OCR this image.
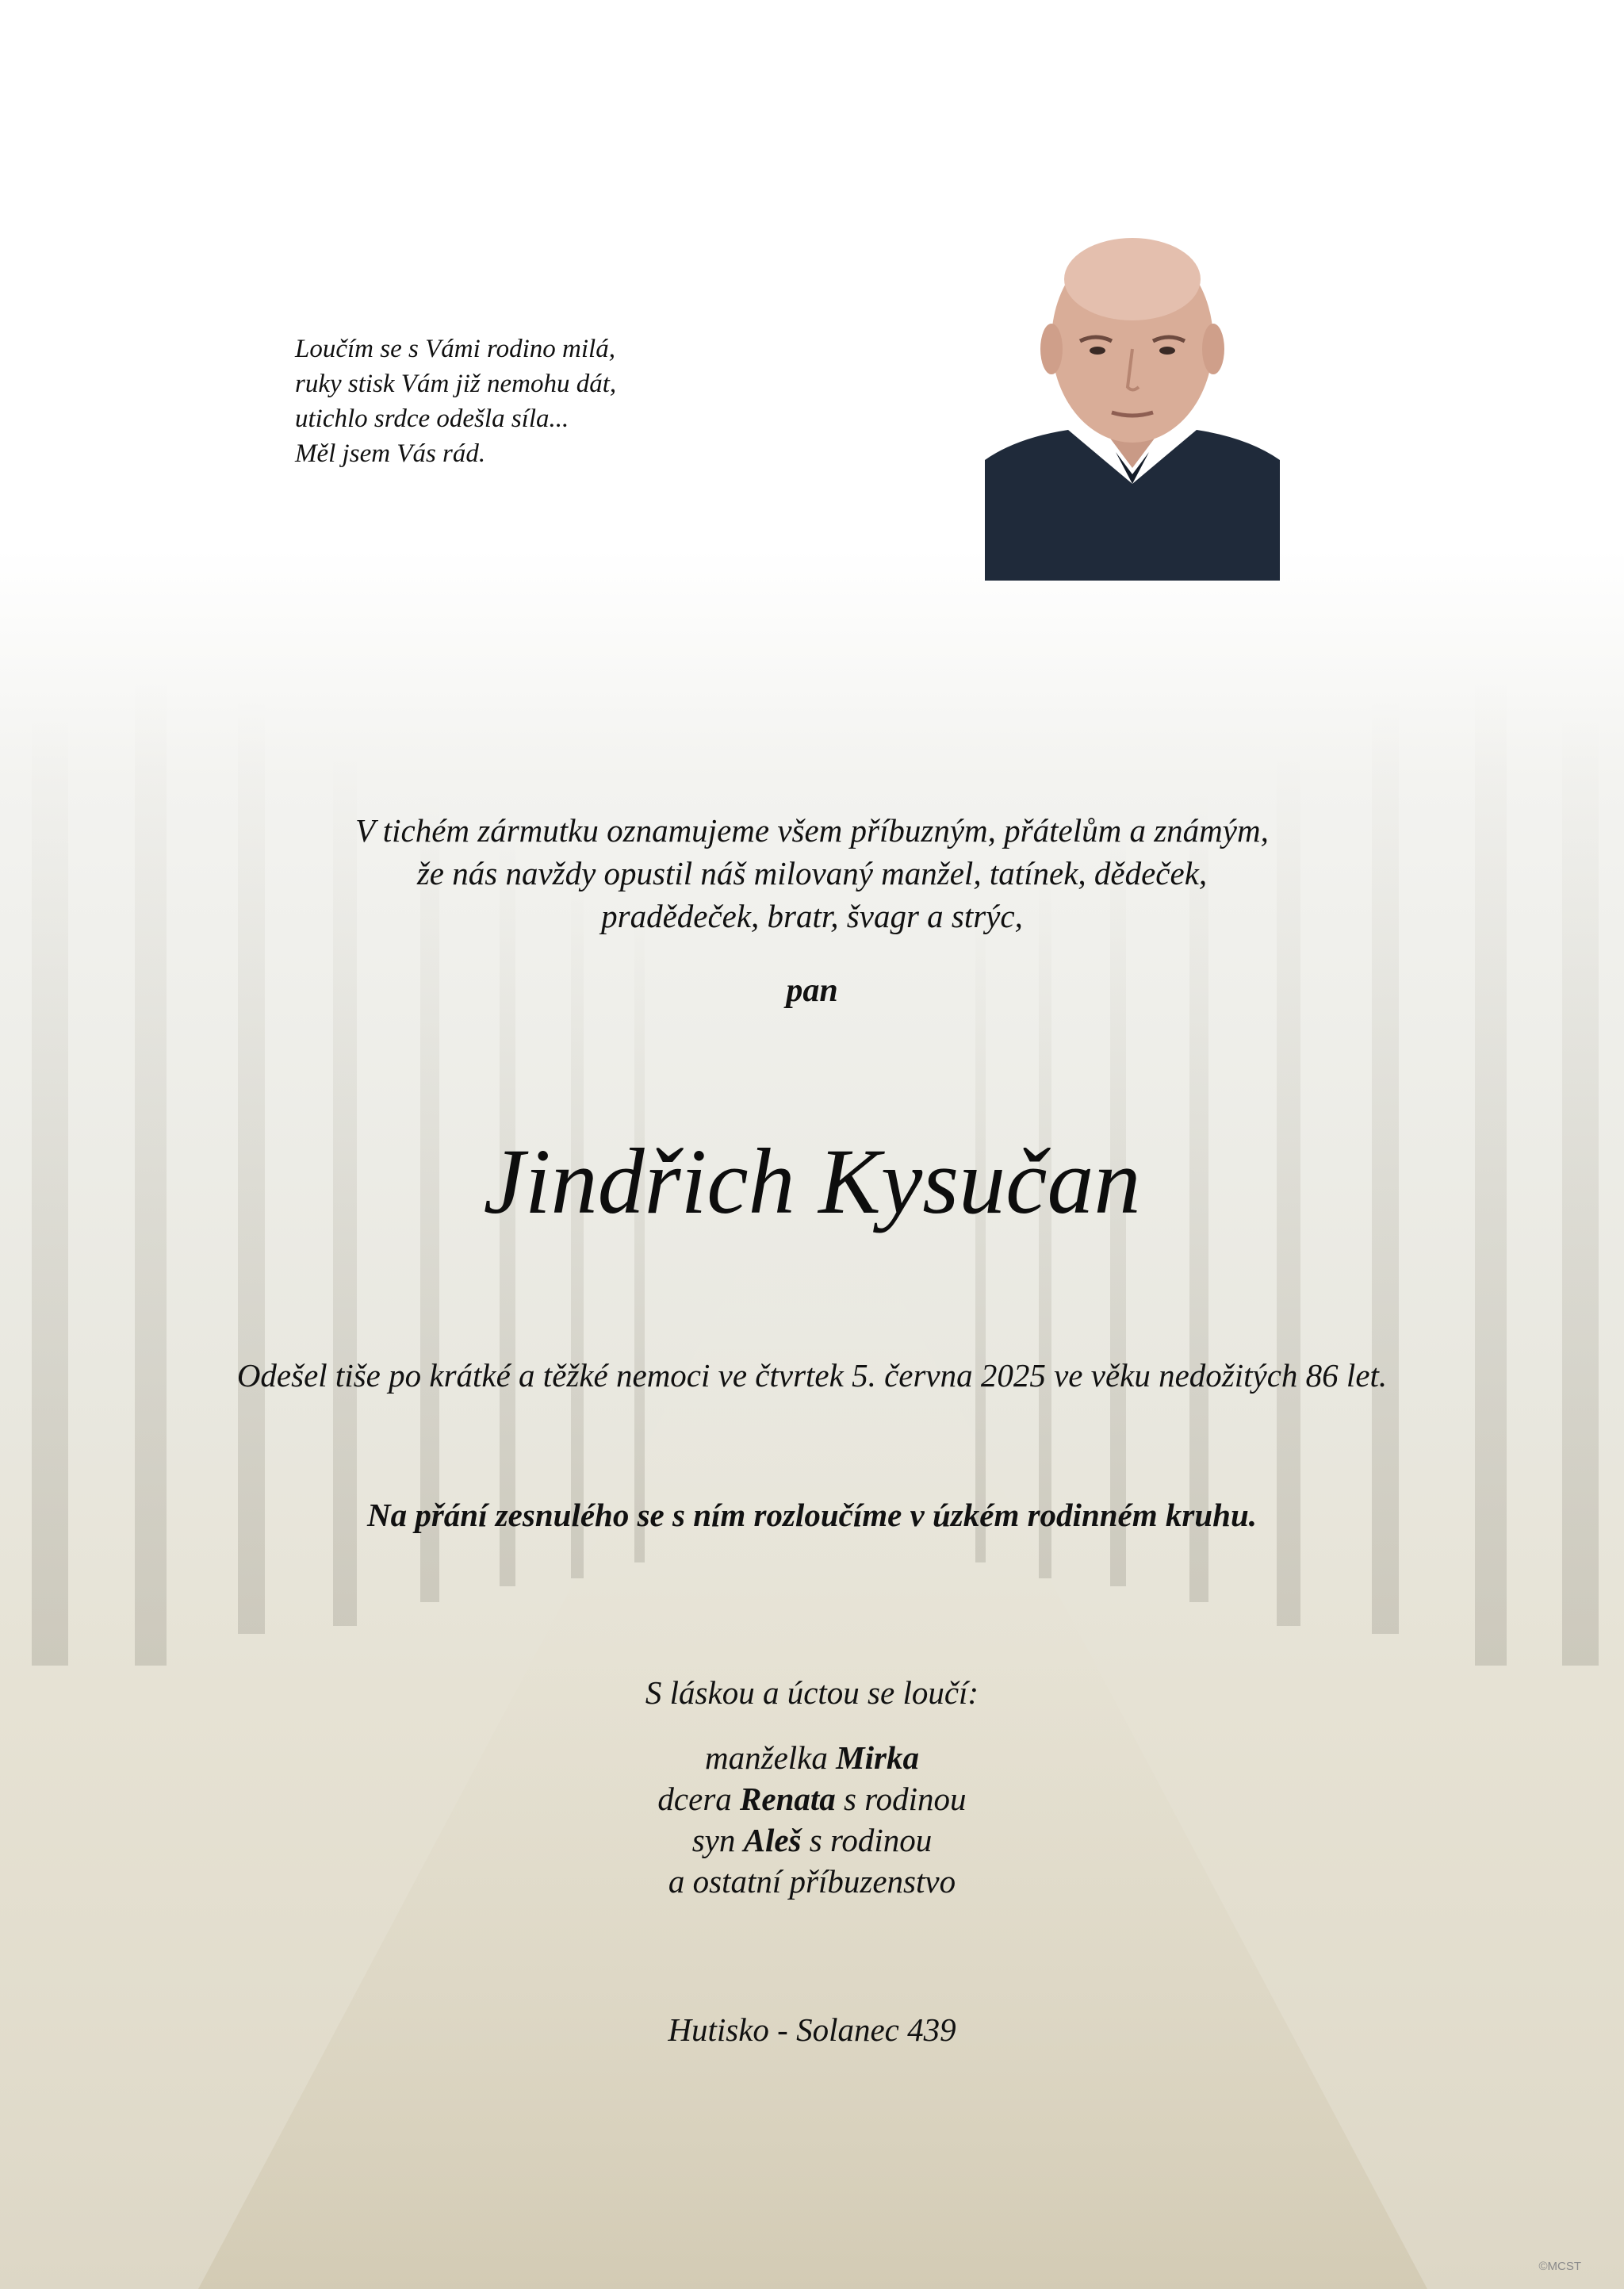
Loučím se s Vámi rodino milá,
ruky stisk Vám již nemohu dát,
utichlo srdce odešla síla...
Měl jsem Vás rád.
V tichém zármutku oznamujeme všem příbuzným, přátelům a známým,
že nás navždy opustil náš milovaný manžel, tatínek, dědeček,
pradědeček, bratr, švagr a strýc,
pan
Jindřich Kysučan
Odešel tiše po krátké a těžké nemoci ve čtvrtek 5. června 2025 ve věku nedožitých 86 let.
Na přání zesnulého se s ním rozloučíme v úzkém rodinném kruhu.
S láskou a úctou se loučí:
manželka Mirka
dcera Renata s rodinou
syn Aleš s rodinou
a ostatní příbuzenstvo
Hutisko - Solanec 439
©MCST
